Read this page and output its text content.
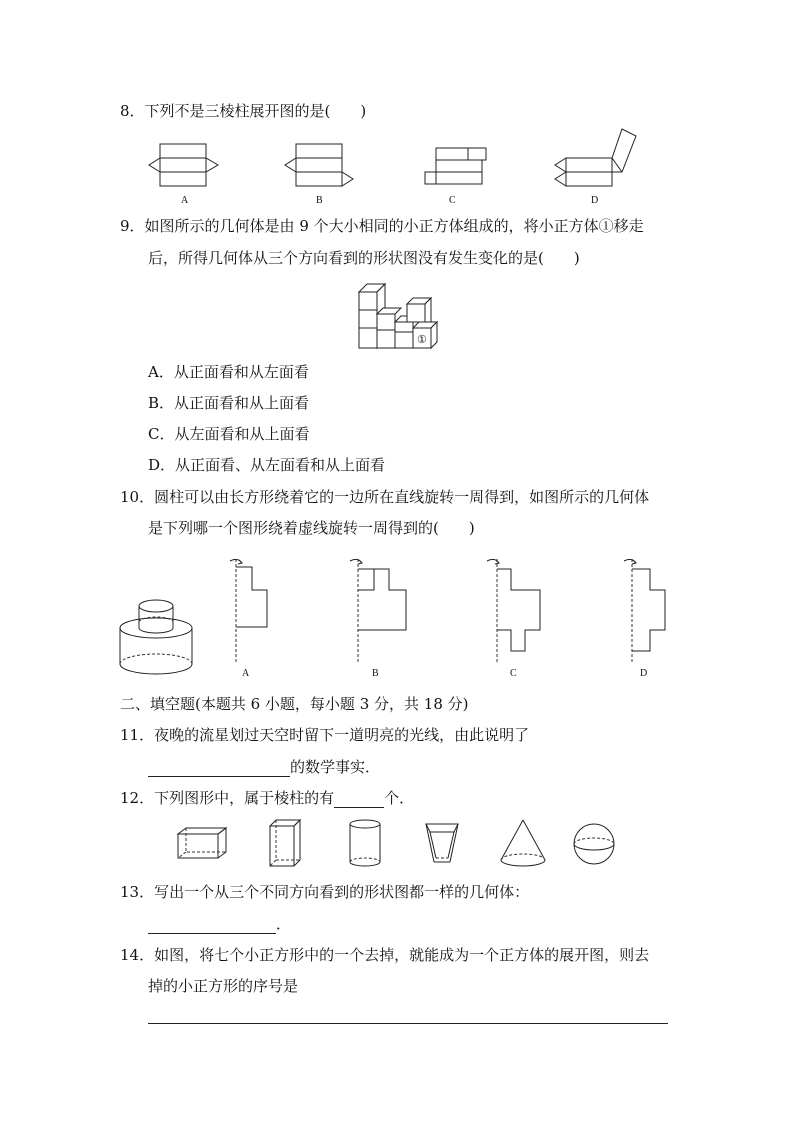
8．下列不是三棱柱展开图的是(　　)
A	B	C	D
9．如图所示的几何体是由 9 个大小相同的小正方体组成的，将小正方体①移走
后，所得几何体从三个方向看到的形状图没有发生变化的是(　　)
①
A．从正面看和从左面看
B．从正面看和从上面看
C．从左面看和从上面看
D．从正面看、从左面看和从上面看
10．圆柱可以由长方形绕着它的一边所在直线旋转一周得到，如图所示的几何体
是下列哪一个图形绕着虚线旋转一周得到的(　　)
A	B	C	D
二、填空题(本题共 6 小题，每小题 3 分，共 18 分)
11．夜晚的流星划过天空时留下一道明亮的光线，由此说明了
的数学事实．
12．下列图形中，属于棱柱的有	个．
13．写出一个从三个不同方向看到的形状图都一样的几何体：
．
14．如图，将七个小正方形中的一个去掉，就能成为一个正方体的展开图，则去
掉的小正方形的序号是
